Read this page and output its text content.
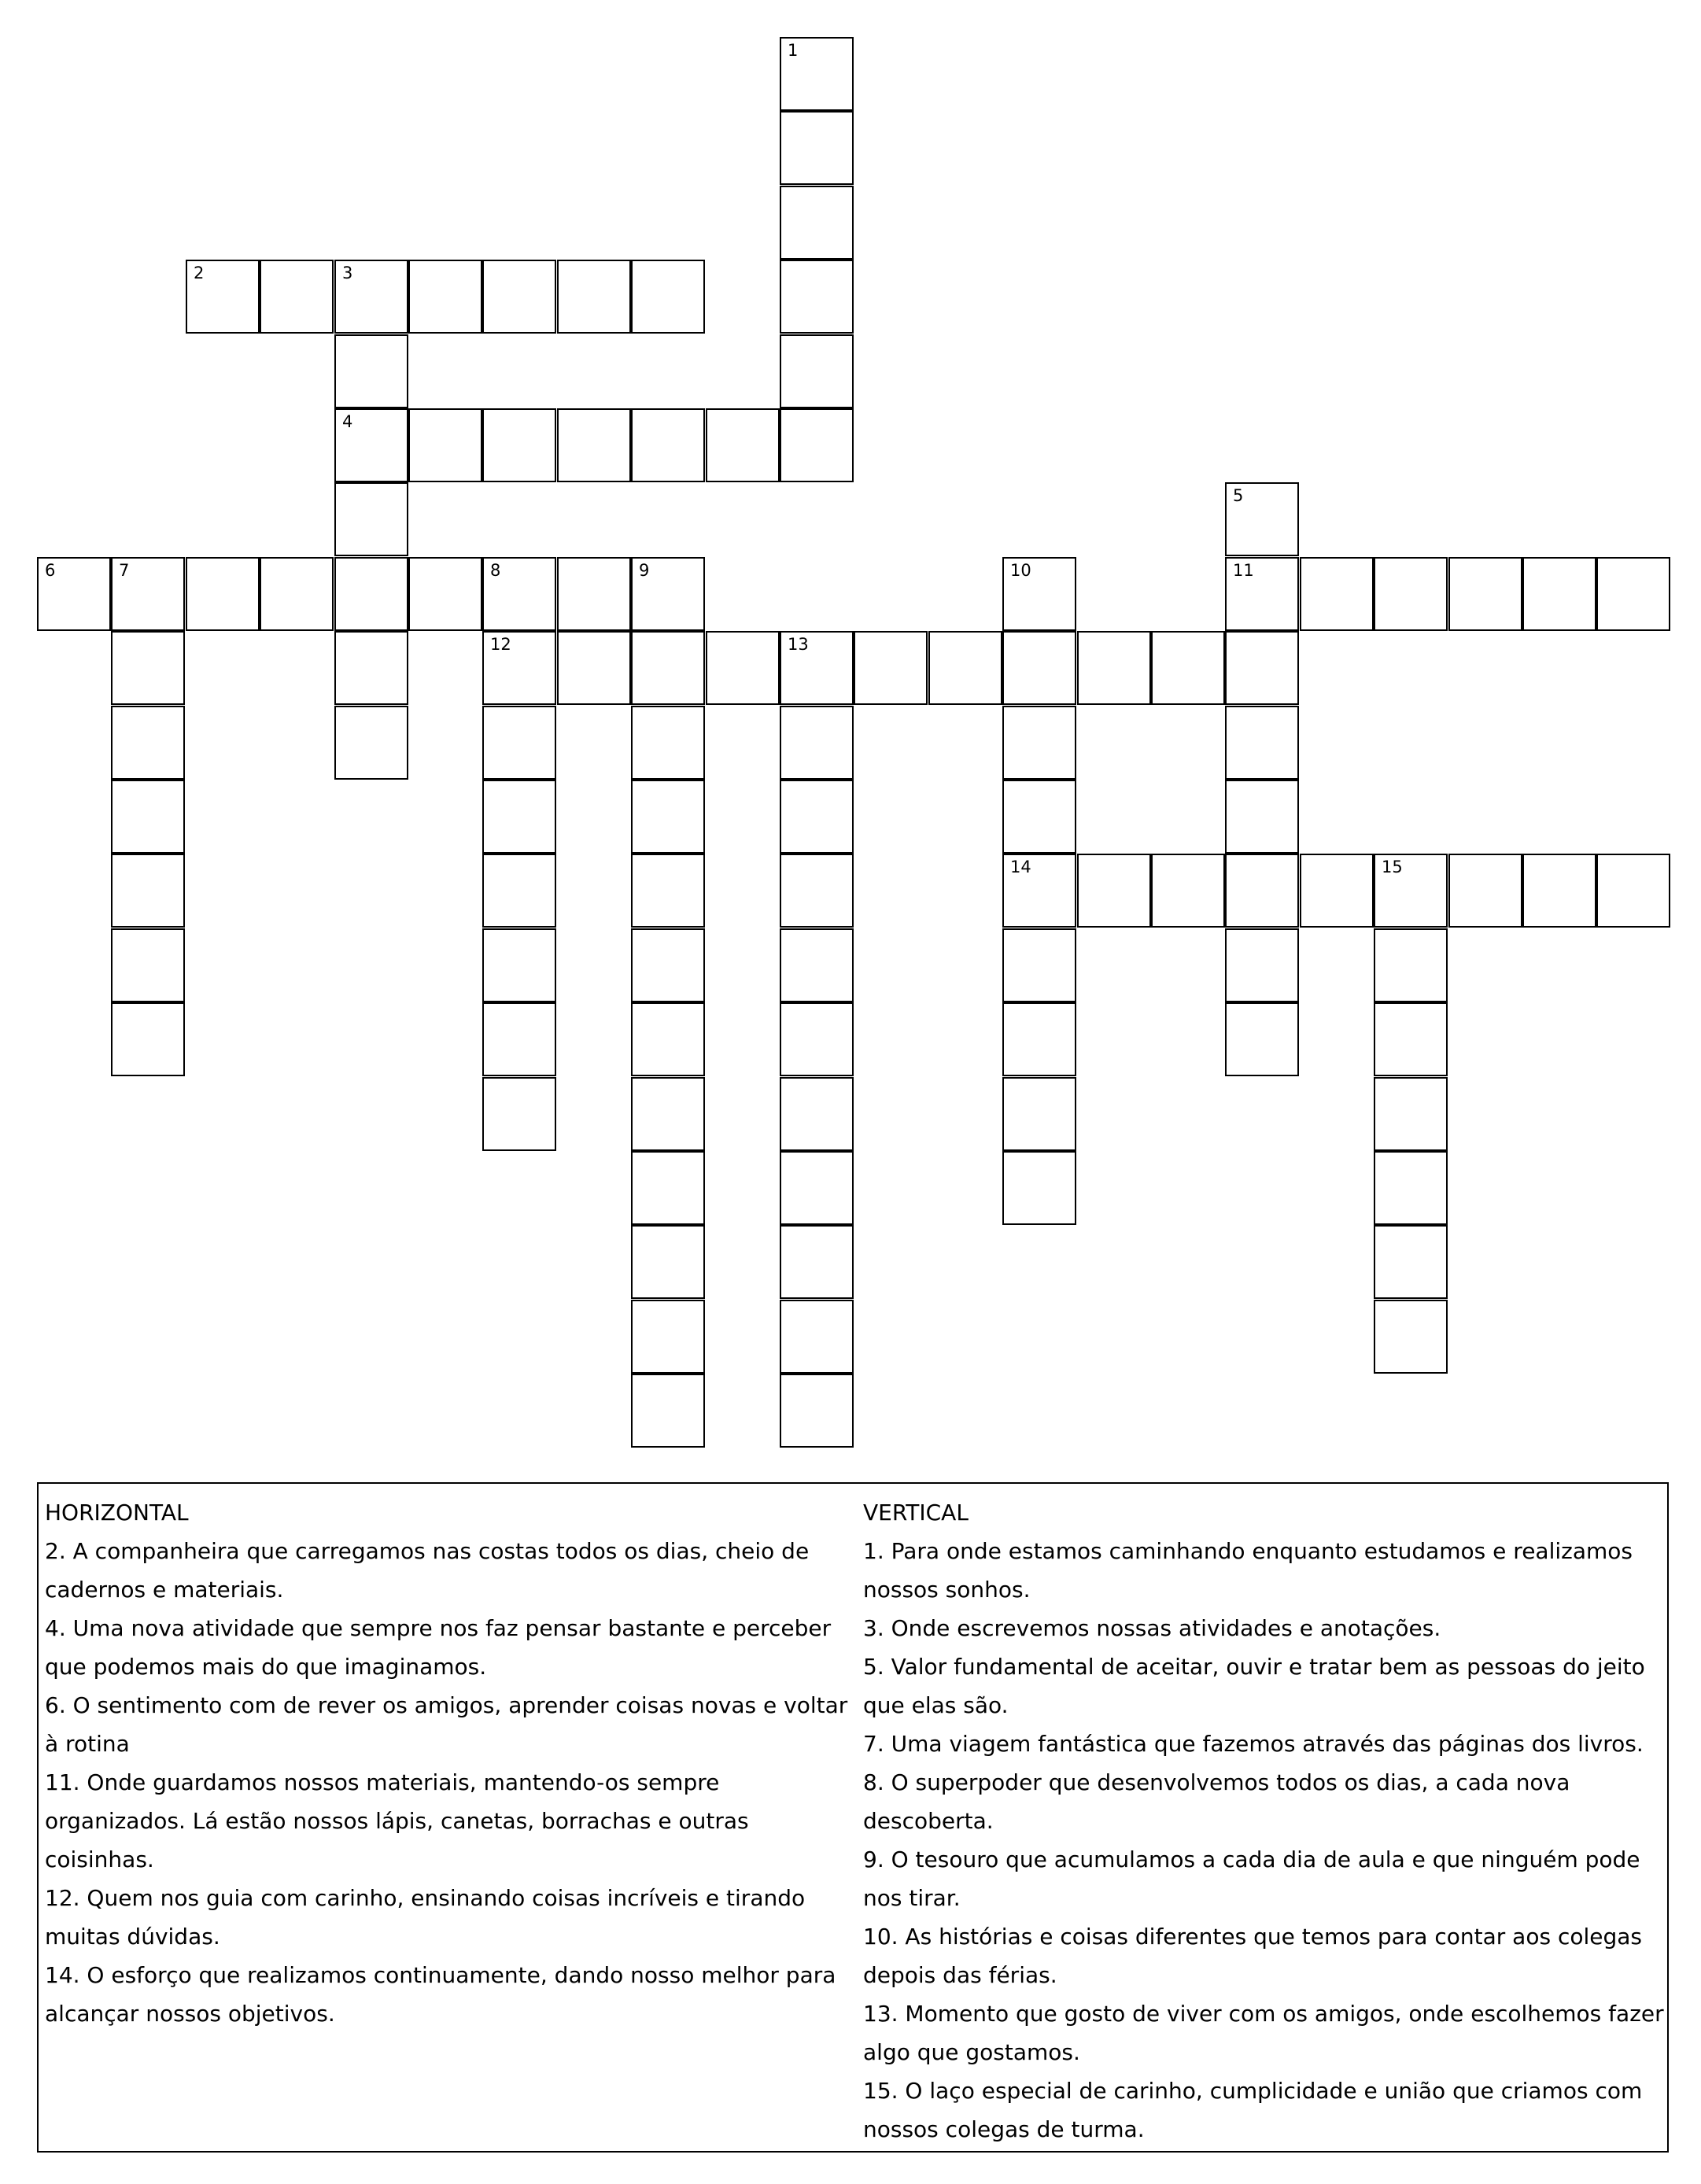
1
2	3
4
5
11
6	7	8
12
9	10
14
13
15

HORIZONTAL

2. A companheira que carregamos nas costas todos os dias, cheio de cadernos e materiais.

4. Uma nova atividade que sempre nos faz pensar bastante e perceber que podemos mais do que imaginamos.

6. O sentimento com de rever os amigos, aprender coisas novas e voltar à rotina

11. Onde guardamos nossos materiais, mantendo-os sempre organizados. Lá estão nossos lápis, canetas, borrachas e outras coisinhas.

12. Quem nos guia com carinho, ensinando coisas incríveis e tirando muitas dúvidas.

14. O esforço que realizamos continuamente, dando nosso melhor para alcançar nossos objetivos.

VERTICAL

1. Para onde estamos caminhando enquanto estudamos e realizamos nossos sonhos.

3. Onde escrevemos nossas atividades e anotações.

5. Valor fundamental de aceitar, ouvir e tratar bem as pessoas do jeito que elas são.

7. Uma viagem fantástica que fazemos através das páginas dos livros.

8. O superpoder que desenvolvemos todos os dias, a cada nova descoberta.

9. O tesouro que acumulamos a cada dia de aula e que ninguém pode nos tirar.

10. As histórias e coisas diferentes que temos para contar aos colegas depois das férias.

13. Momento que gosto de viver com os amigos, onde escolhemos fazer algo que gostamos.

15. O laço especial de carinho, cumplicidade e união que criamos com nossos colegas de turma.
